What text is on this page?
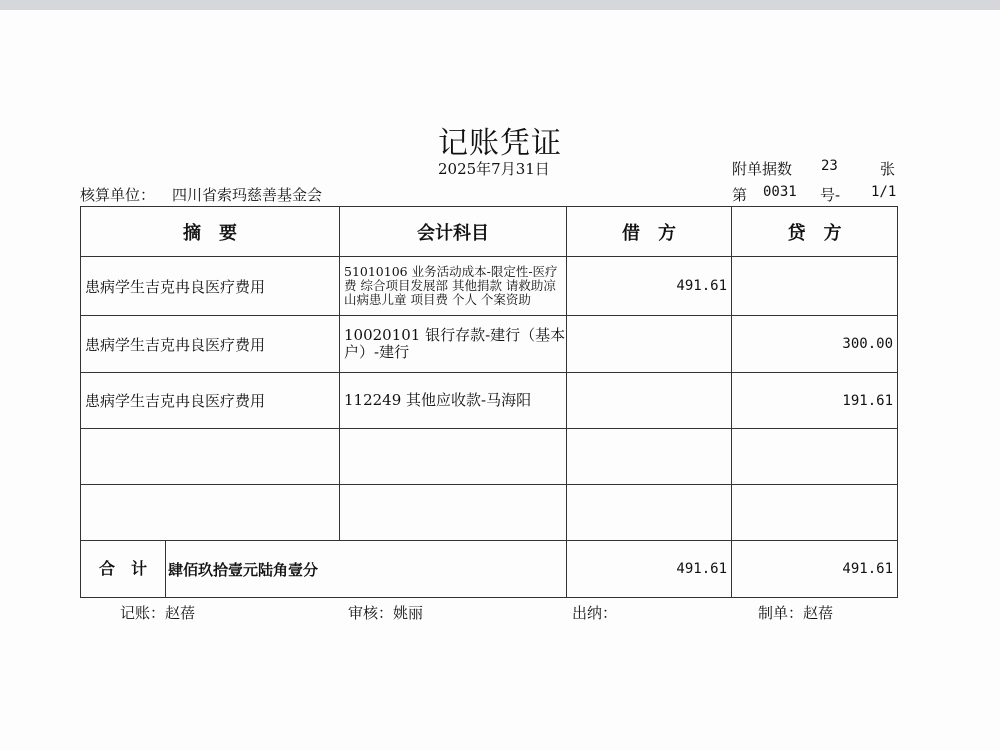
记账凭证
2025年7月31日	附单据数 23	张
核算单位： 四川省索玛慈善基金会	第 0031 号- 1/1
摘　要	会计科目	借　方	贷　方
患病学生吉克冉良医疗费用	51010106 业务活动成本-限定性-医疗费 综合项目发展部 其他捐款 请救助凉山病患儿童 项目费 个人 个案资助	491.61	
患病学生吉克冉良医疗费用	10020101 银行存款-建行（基本户）-建行		300.00
患病学生吉克冉良医疗费用	112249 其他应收款-马海阳		191.61

合　计 肆佰玖拾壹元陆角壹分		491.61	491.61
记账：赵蓓	审核：姚丽	出纳：	制单：赵蓓
